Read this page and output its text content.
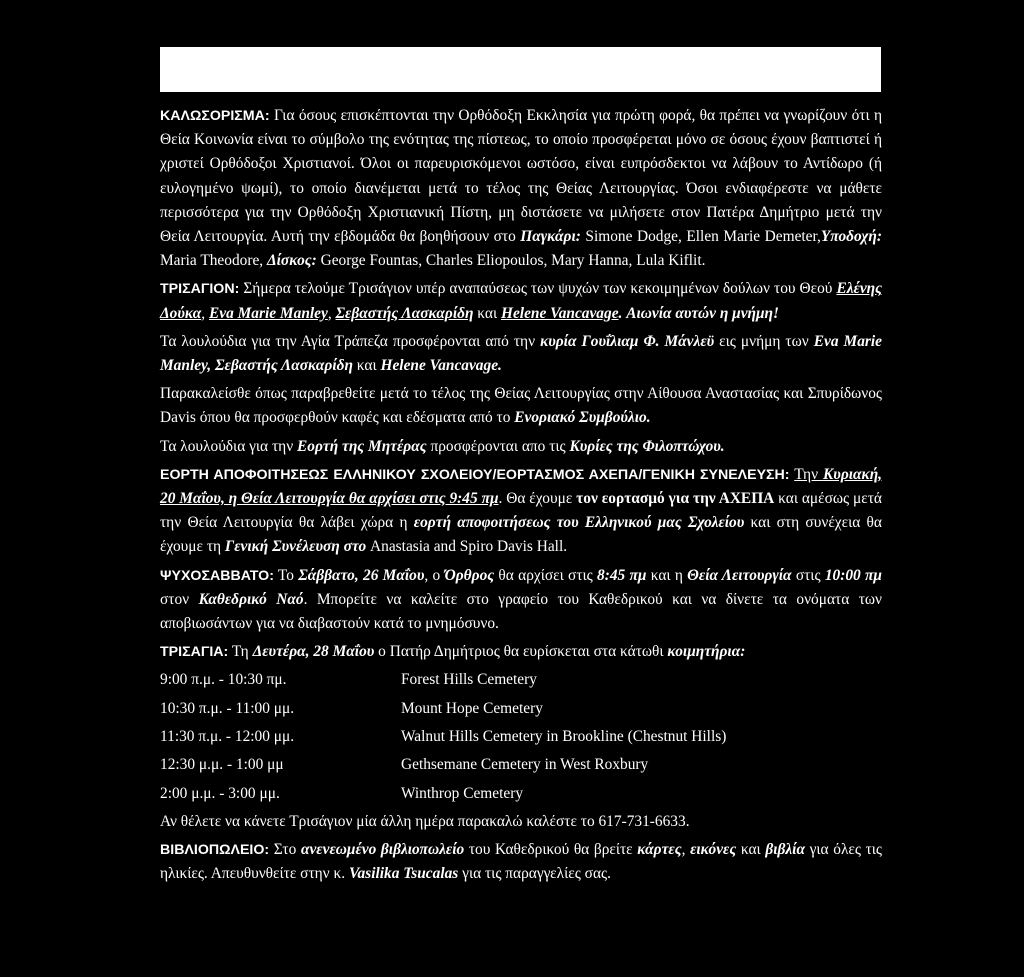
ΚΑΛΩΣΟΡΙΣΜΑ: Για όσους επισκέπτονται την Ορθόδοξη Εκκλησία για πρώτη φορά, θα πρέπει να γνωρίζουν ότι η Θεία Κοινωνία είναι το σύμβολο της ενότητας της πίστεως, το οποίο προσφέρεται μόνο σε όσους έχουν βαπτιστεί ή χριστεί Ορθόδοξοι Χριστιανοί. Όλοι οι παρευρισκόμενοι ωστόσο, είναι ευπρόσδεκτοι να λάβουν το Αντίδωρο (ή ευλογημένο ψωμί), το οποίο διανέμεται μετά το τέλος της Θείας Λειτουργίας. Όσοι ενδιαφέρεστε να μάθετε περισσότερα για την Ορθόδοξη Χριστιανική Πίστη, μη διστάσετε να μιλήσετε στον Πατέρα Δημήτριο μετά την Θεία Λειτουργία. Αυτή την εβδομάδα θα βοηθήσουν στο Παγκάρι: Simone Dodge, Ellen Marie Demeter,Υποδοχή: Maria Theodore, Δίσκος: George Fountas, Charles Eliopoulos, Mary Hanna, Lula Kiflit.

ΤΡΙΣΑΓΙΟΝ: Σήμερα τελούμε Τρισάγιον υπέρ αναπαύσεως των ψυχών των κεκοιμημένων δούλων του Θεού Ελένης Δούκα, Eva Marie Manley, Σεβαστής Λασκαρίδη και Helene Vancavage. Αιωνία αυτών η μνήμη!

Τα λουλούδια για την Αγία Τράπεζα προσφέρονται από την κυρία Γουΐλιαμ Φ. Μάνλεϋ εις μνήμη των Eva Marie Manley, Σεβαστής Λασκαρίδη και Helene Vancavage.

Παρακαλείσθε όπως παραβρεθείτε μετά το τέλος της Θείας Λειτουργίας στην Αίθουσα Αναστασίας και Σπυρίδωνος Davis όπου θα προσφερθούν καφές και εδέσματα από το Ενοριακό Συμβούλιο.

Τα λουλούδια για την Εορτή της Μητέρας προσφέρονται απο τις Κυρίες της Φιλοπτώχου.

ΕΟΡΤΗ ΑΠΟΦΟΙΤΗΣΕΩΣ ΕΛΛΗΝΙΚΟΥ ΣΧΟΛΕΙΟΥ/ΕΟΡΤΑΣΜΟΣ ΑΧΕΠΑ/ΓΕΝΙΚΗ ΣΥΝΕΛΕΥΣΗ: Την Κυριακή, 20 Μαΐου, η Θεία Λειτουργία θα αρχίσει στις 9:45 πμ. Θα έχουμε τον εορτασμό για την ΑΧΕΠΑ και αμέσως μετά την Θεία Λειτουργία θα λάβει χώρα η εορτή αποφοιτήσεως του Ελληνικού μας Σχολείου και στη συνέχεια θα έχουμε τη Γενική Συνέλευση στο Anastasia and Spiro Davis Hall.

ΨΥΧΟΣΑΒΒΑΤΟ: Το Σάββατο, 26 Μαΐου, ο Όρθρος θα αρχίσει στις 8:45 πμ και η Θεία Λειτουργία στις 10:00 πμ στον Καθεδρικό Ναό. Μπορείτε να καλείτε στο γραφείο του Καθεδρικού και να δίνετε τα ονόματα των αποβιωσάντων για να διαβαστούν κατά το μνημόσυνο.

ΤΡΙΣΑΓΙΑ: Τη Δευτέρα, 28 Μαΐου ο Πατήρ Δημήτριος θα ευρίσκεται στα κάτωθι κοιμητήρια:

9:00 π.μ. - 10:30 πμ.	Forest Hills Cemetery
10:30 π.μ. - 11:00 μμ.	Mount Hope Cemetery
11:30 π.μ. - 12:00 μμ.	Walnut Hills Cemetery in Brookline (Chestnut Hills)
12:30 μ.μ. - 1:00 μμ	Gethsemane Cemetery in West Roxbury
2:00 μ.μ. - 3:00 μμ.	Winthrop Cemetery

Αν θέλετε να κάνετε Τρισάγιον μία άλλη ημέρα παρακαλώ καλέστε το 617-731-6633.

ΒΙΒΛΙΟΠΩΛΕΙΟ: Στο ανενεωμένο βιβλιοπωλείο του Καθεδρικού θα βρείτε κάρτες, εικόνες και βιβλία για όλες τις ηλικίες. Απευθυνθείτε στην κ. Vasilika Tsucalas για τις παραγγελίες σας.
